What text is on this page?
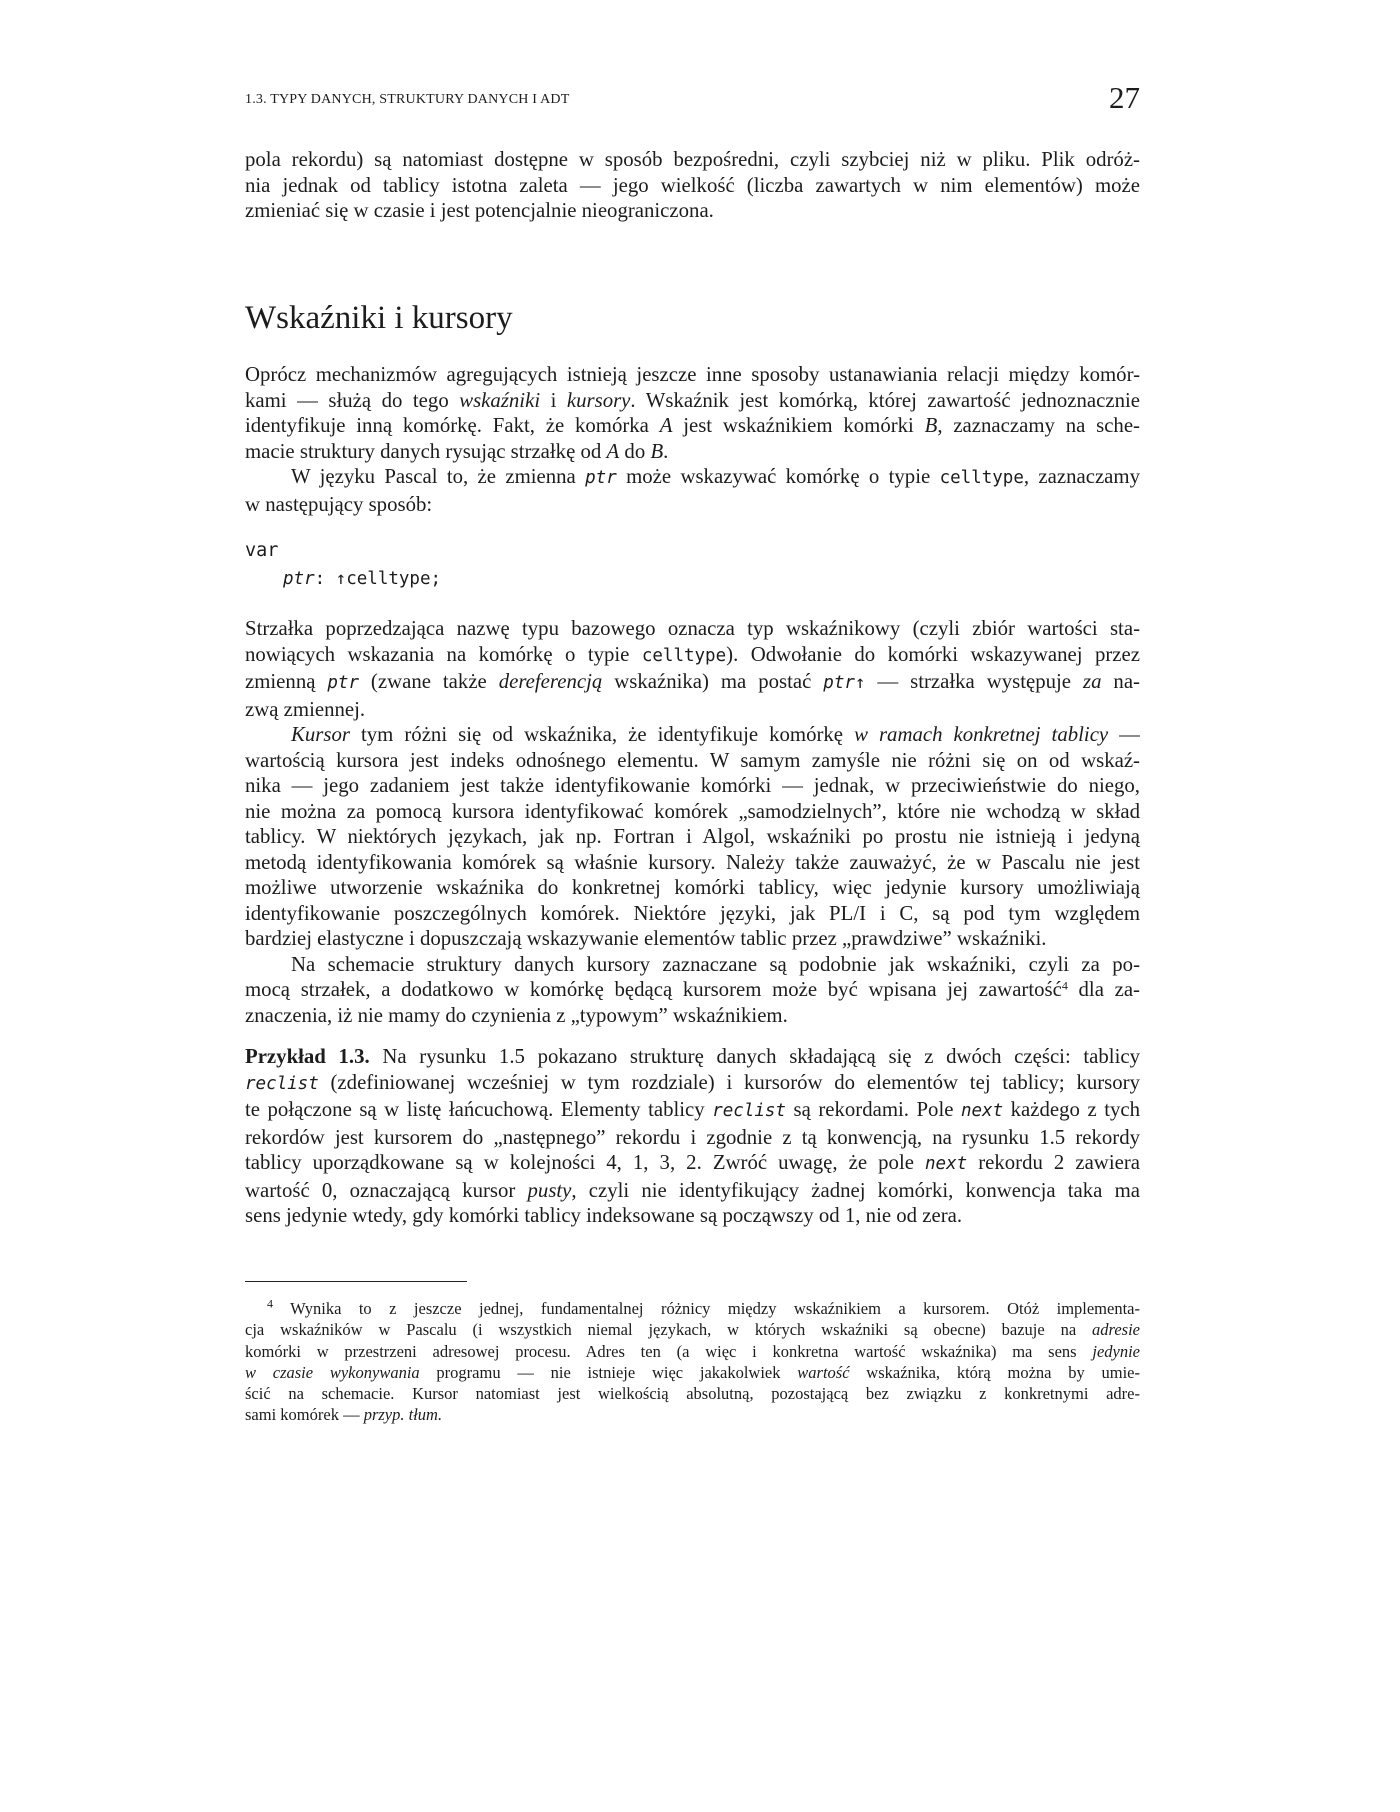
1.3. TYPY DANYCH, STRUKTURY DANYCH I ADT	27

pola rekordu) są natomiast dostępne w sposób bezpośredni, czyli szybciej niż w pliku. Plik odróż-
nia jednak od tablicy istotna zaleta — jego wielkość (liczba zawartych w nim elementów) może
zmieniać się w czasie i jest potencjalnie nieograniczona.

Wskaźniki i kursory

Oprócz mechanizmów agregujących istnieją jeszcze inne sposoby ustanawiania relacji między komór-
kami — służą do tego wskaźniki i kursory. Wskaźnik jest komórką, której zawartość jednoznacznie
identyfikuje inną komórkę. Fakt, że komórka A jest wskaźnikiem komórki B, zaznaczamy na sche-
macie struktury danych rysując strzałkę od A do B.
W języku Pascal to, że zmienna ptr może wskazywać komórkę o typie celltype, zaznaczamy
w następujący sposób:

var
ptr: ↑celltype;

Strzałka poprzedzająca nazwę typu bazowego oznacza typ wskaźnikowy (czyli zbiór wartości sta-
nowiących wskazania na komórkę o typie celltype). Odwołanie do komórki wskazywanej przez
zmienną ptr (zwane także dereferencją wskaźnika) ma postać ptr↑ — strzałka występuje za na-
zwą zmiennej.
Kursor tym różni się od wskaźnika, że identyfikuje komórkę w ramach konkretnej tablicy —
wartością kursora jest indeks odnośnego elementu. W samym zamyśle nie różni się on od wskaź-
nika — jego zadaniem jest także identyfikowanie komórki — jednak, w przeciwieństwie do niego,
nie można za pomocą kursora identyfikować komórek „samodzielnych”, które nie wchodzą w skład
tablicy. W niektórych językach, jak np. Fortran i Algol, wskaźniki po prostu nie istnieją i jedyną
metodą identyfikowania komórek są właśnie kursory. Należy także zauważyć, że w Pascalu nie jest
możliwe utworzenie wskaźnika do konkretnej komórki tablicy, więc jedynie kursory umożliwiają
identyfikowanie poszczególnych komórek. Niektóre języki, jak PL/I i C, są pod tym względem
bardziej elastyczne i dopuszczają wskazywanie elementów tablic przez „prawdziwe” wskaźniki.
Na schemacie struktury danych kursory zaznaczane są podobnie jak wskaźniki, czyli za po-
mocą strzałek, a dodatkowo w komórkę będącą kursorem może być wpisana jej zawartość$^4$ dla za-
znaczenia, iż nie mamy do czynienia z „typowym” wskaźnikiem.

Przykład 1.3. Na rysunku 1.5 pokazano strukturę danych składającą się z dwóch części: tablicy
reclist (zdefiniowanej wcześniej w tym rozdziale) i kursorów do elementów tej tablicy; kursory
te połączone są w listę łańcuchową. Elementy tablicy reclist są rekordami. Pole next każdego z tych
rekordów jest kursorem do „następnego” rekordu i zgodnie z tą konwencją, na rysunku 1.5 rekordy
tablicy uporządkowane są w kolejności 4, 1, 3, 2. Zwróć uwagę, że pole next rekordu 2 zawiera
wartość 0, oznaczającą kursor pusty, czyli nie identyfikujący żadnej komórki, konwencja taka ma
sens jedynie wtedy, gdy komórki tablicy indeksowane są począwszy od 1, nie od zera.

$^4$ Wynika to z jeszcze jednej, fundamentalnej różnicy między wskaźnikiem a kursorem. Otóż implementa-
cja wskaźników w Pascalu (i wszystkich niemal językach, w których wskaźniki są obecne) bazuje na adresie
komórki w przestrzeni adresowej procesu. Adres ten (a więc i konkretna wartość wskaźnika) ma sens jedynie
w czasie wykonywania programu — nie istnieje więc jakakolwiek wartość wskaźnika, którą można by umie-
ścić na schemacie. Kursor natomiast jest wielkością absolutną, pozostającą bez związku z konkretnymi adre-
sami komórek — przyp. tłum.
